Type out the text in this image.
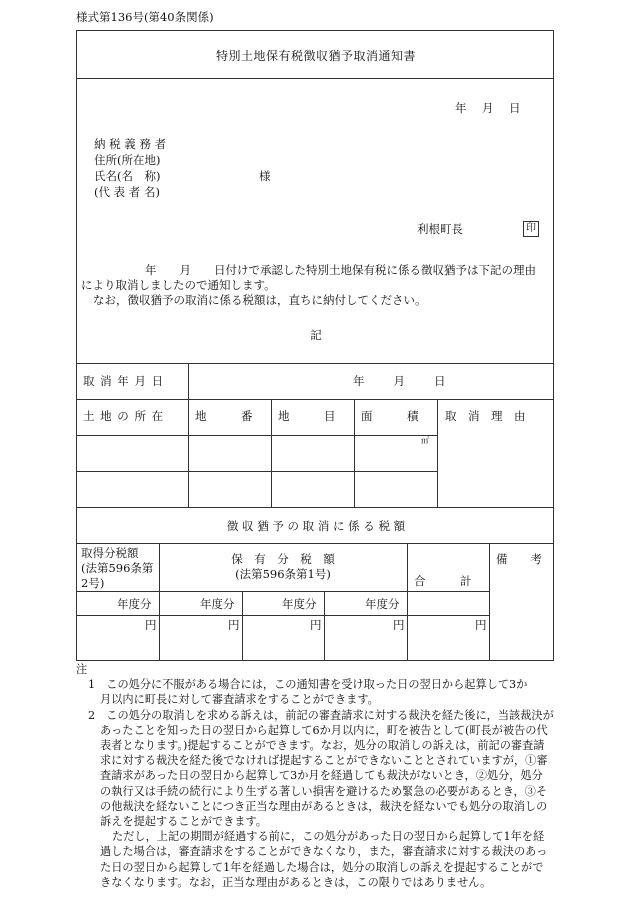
様式第136号(第40条関係)
特別土地保有税徴収猶予取消通知書
年　月　日
納 税 義 務 者
住所(所在地)
氏名(名　称)	様
(代 表 者 名)
利根町長	印
年　　月　　日付けで承認した特別土地保有税に係る徴収猶予は下記の理由
により取消しましたので通知します。
なお，徴収猶予の取消に係る税額は，直ちに納付してください。
記
取 消 年 月 日	年　　月　　日
土 地 の 所 在	地　　　番 地　　　目 面　　　積 取　消　理　由
㎡
徴 収 猶 予 の 取 消 に 係 る 税 額
取得分税額
(法第596条第
2号)
保　有　分　税　額
(法第596条第1号)	合　　　計
備　　考
年度分	年度分	年度分	年度分
円	円	円	円	円

注

1　この処分に不服がある場合には，この通知書を受け取った日の翌日から起算して3か

月以内に町長に対して審査請求をすることができます。

2　この処分の取消しを求める訴えは，前記の審査請求に対する裁決を経た後に，当該裁決があったことを知った日の翌日から起算して6か月以内に，町を被告として(町長が被告の代表者となります。)提起することができます。なお，処分の取消しの訴えは，前記の審査請求に対する裁決を経た後でなければ提起することができないこととされていますが，①審査請求があった日の翌日から起算して3か月を経過しても裁決がないとき，②処分，処分の執行又は手続の続行により生ずる著しい損害を避けるため緊急の必要があるとき，③その他裁決を経ないことにつき正当な理由があるときは，裁決を経ないでも処分の取消しの訴えを提起することができます。

ただし，上記の期間が経過する前に，この処分があった日の翌日から起算して1年を経過した場合は，審査請求をすることができなくなり，また，審査請求に対する裁決のあった日の翌日から起算して1年を経過した場合は，処分の取消しの訴えを提起することができなくなります。なお，正当な理由があるときは，この限りではありません。
